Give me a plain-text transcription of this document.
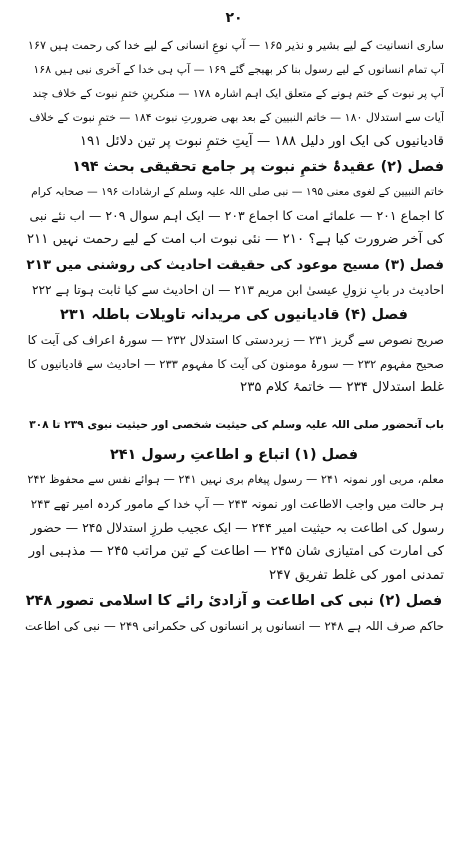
۲۰
ساری انسانیت کے لیے بشیر و نذیر ۱۶۵ — آپ نوعِ انسانی کے لیے خدا کی رحمت ہیں ۱۶۷
آپ تمام انسانوں کے لیے رسول بنا کر بھیجے گئے ۱۶۹ — آپ ہی خدا کے آخری نبی ہیں ۱۶۸
آپ پر نبوت کے ختم ہونے کے متعلق ایک اہم اشارہ ۱۷۸ — منکرینِ ختمِ نبوت کے خلاف چند
آیات سے استدلال ۱۸۰ — خاتم النبیین کے بعد بھی ضرورتِ نبوت ۱۸۴ — ختمِ نبوت کے خلاف
قادیانیوں کی ایک اور دلیل ۱۸۸ — آیتِ ختمِ نبوت پر تین دلائل ۱۹۱
فصل (۲) عقیدۂ ختمِ نبوت پر جامع تحقیقی بحث ۱۹۴
خاتم النبیین کے لغوی معنی ۱۹۵ — نبی صلی اللہ علیہ وسلم کے ارشادات ۱۹۶ — صحابہ کرام
کا اجماع ۲۰۱ — علمائے امت کا اجماع ۲۰۳ — ایک اہم سوال ۲۰۹ — اب نئے نبی
کی آخر ضرورت کیا ہے؟ ۲۱۰ — نئی نبوت اب امت کے لیے رحمت نہیں ۲۱۱
فصل (۳) مسیح موعود کی حقیقت احادیث کی روشنی میں ۲۱۳
احادیث در بابِ نزولِ عیسیٰ ابن مریم ۲۱۳ — ان احادیث سے کیا ثابت ہوتا ہے ۲۲۲
فصل (۴) قادیانیوں کی مریدانہ تاویلات باطلہ ۲۳۱
صریح نصوص سے گریز ۲۳۱ — زبردستی کا استدلال ۲۳۲ — سورۂ اعراف کی آیت کا
صحیح مفہوم ۲۳۲ — سورۂ مومنون کی آیت کا مفہوم ۲۳۳ — احادیث سے قادیانیوں کا
غلط استدلال ۲۳۴ — خاتمۂ کلام ۲۳۵
باب آنحضور صلی اللہ علیہ وسلم کی حیثیت شخصی اور حیثیت نبوی ۲۳۹ تا ۳۰۸
فصل (۱) اتباع و اطاعتِ رسول ۲۴۱
معلم، مربی اور نمونہ ۲۴۱ — رسول پیغام بری نہیں ۲۴۱ — ہوائے نفس سے محفوظ ۲۴۲
ہر حالت میں واجب الاطاعت اور نمونہ ۲۴۳ — آپ خدا کے مامور کردہ امیر تھے ۲۴۳
رسول کی اطاعت بہ حیثیت امیر ۲۴۴ — ایک عجیب طرزِ استدلال ۲۴۵ — حضور
کی امارت کی امتیازی شان ۲۴۵ — اطاعت کے تین مراتب ۲۴۵ — مذہبی اور
تمدنی امور کی غلط تفریق ۲۴۷
فصل (۲) نبی کی اطاعت و آزادیٔ رائے کا اسلامی تصور ۲۴۸
حاکم صرف اللہ ہے ۲۴۸ — انسانوں پر انسانوں کی حکمرانی ۲۴۹ — نبی کی اطاعت
